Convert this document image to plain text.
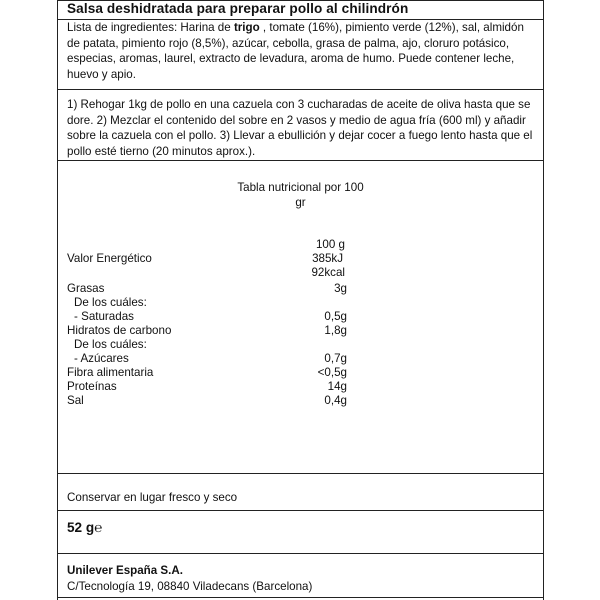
Salsa deshidratada para preparar pollo al chilindrón
Lista de ingredientes: Harina de trigo , tomate (16%), pimiento verde (12%), sal, almidón de patata, pimiento rojo (8,5%), azúcar, cebolla, grasa de palma, ajo, cloruro potásico, especias, aromas, laurel, extracto de levadura, aroma de humo. Puede contener leche, huevo y apio.
1) Rehogar 1kg de pollo en una cazuela con 3 cucharadas de aceite de oliva hasta que se dore. 2) Mezclar el contenido del sobre en 2 vasos y medio de agua fría (600 ml) y añadir sobre la cazuela con el pollo. 3) Llevar a ebullición y dejar cocer a fuego lento hasta que el pollo esté tierno (20 minutos aprox.).
Tabla nutricional por 100
gr
100 g
Valor Energético	385kJ
92kcal
Grasas	3g
De los cuáles:
- Saturadas	0,5g
Hidratos de carbono	1,8g
De los cuáles:
- Azúcares	0,7g
Fibra alimentaria	<0,5g
Proteínas	14g
Sal	0,4g
Conservar en lugar fresco y seco
52 g℮
Unilever España S.A.
C/Tecnología 19, 08840 Viladecans (Barcelona)
